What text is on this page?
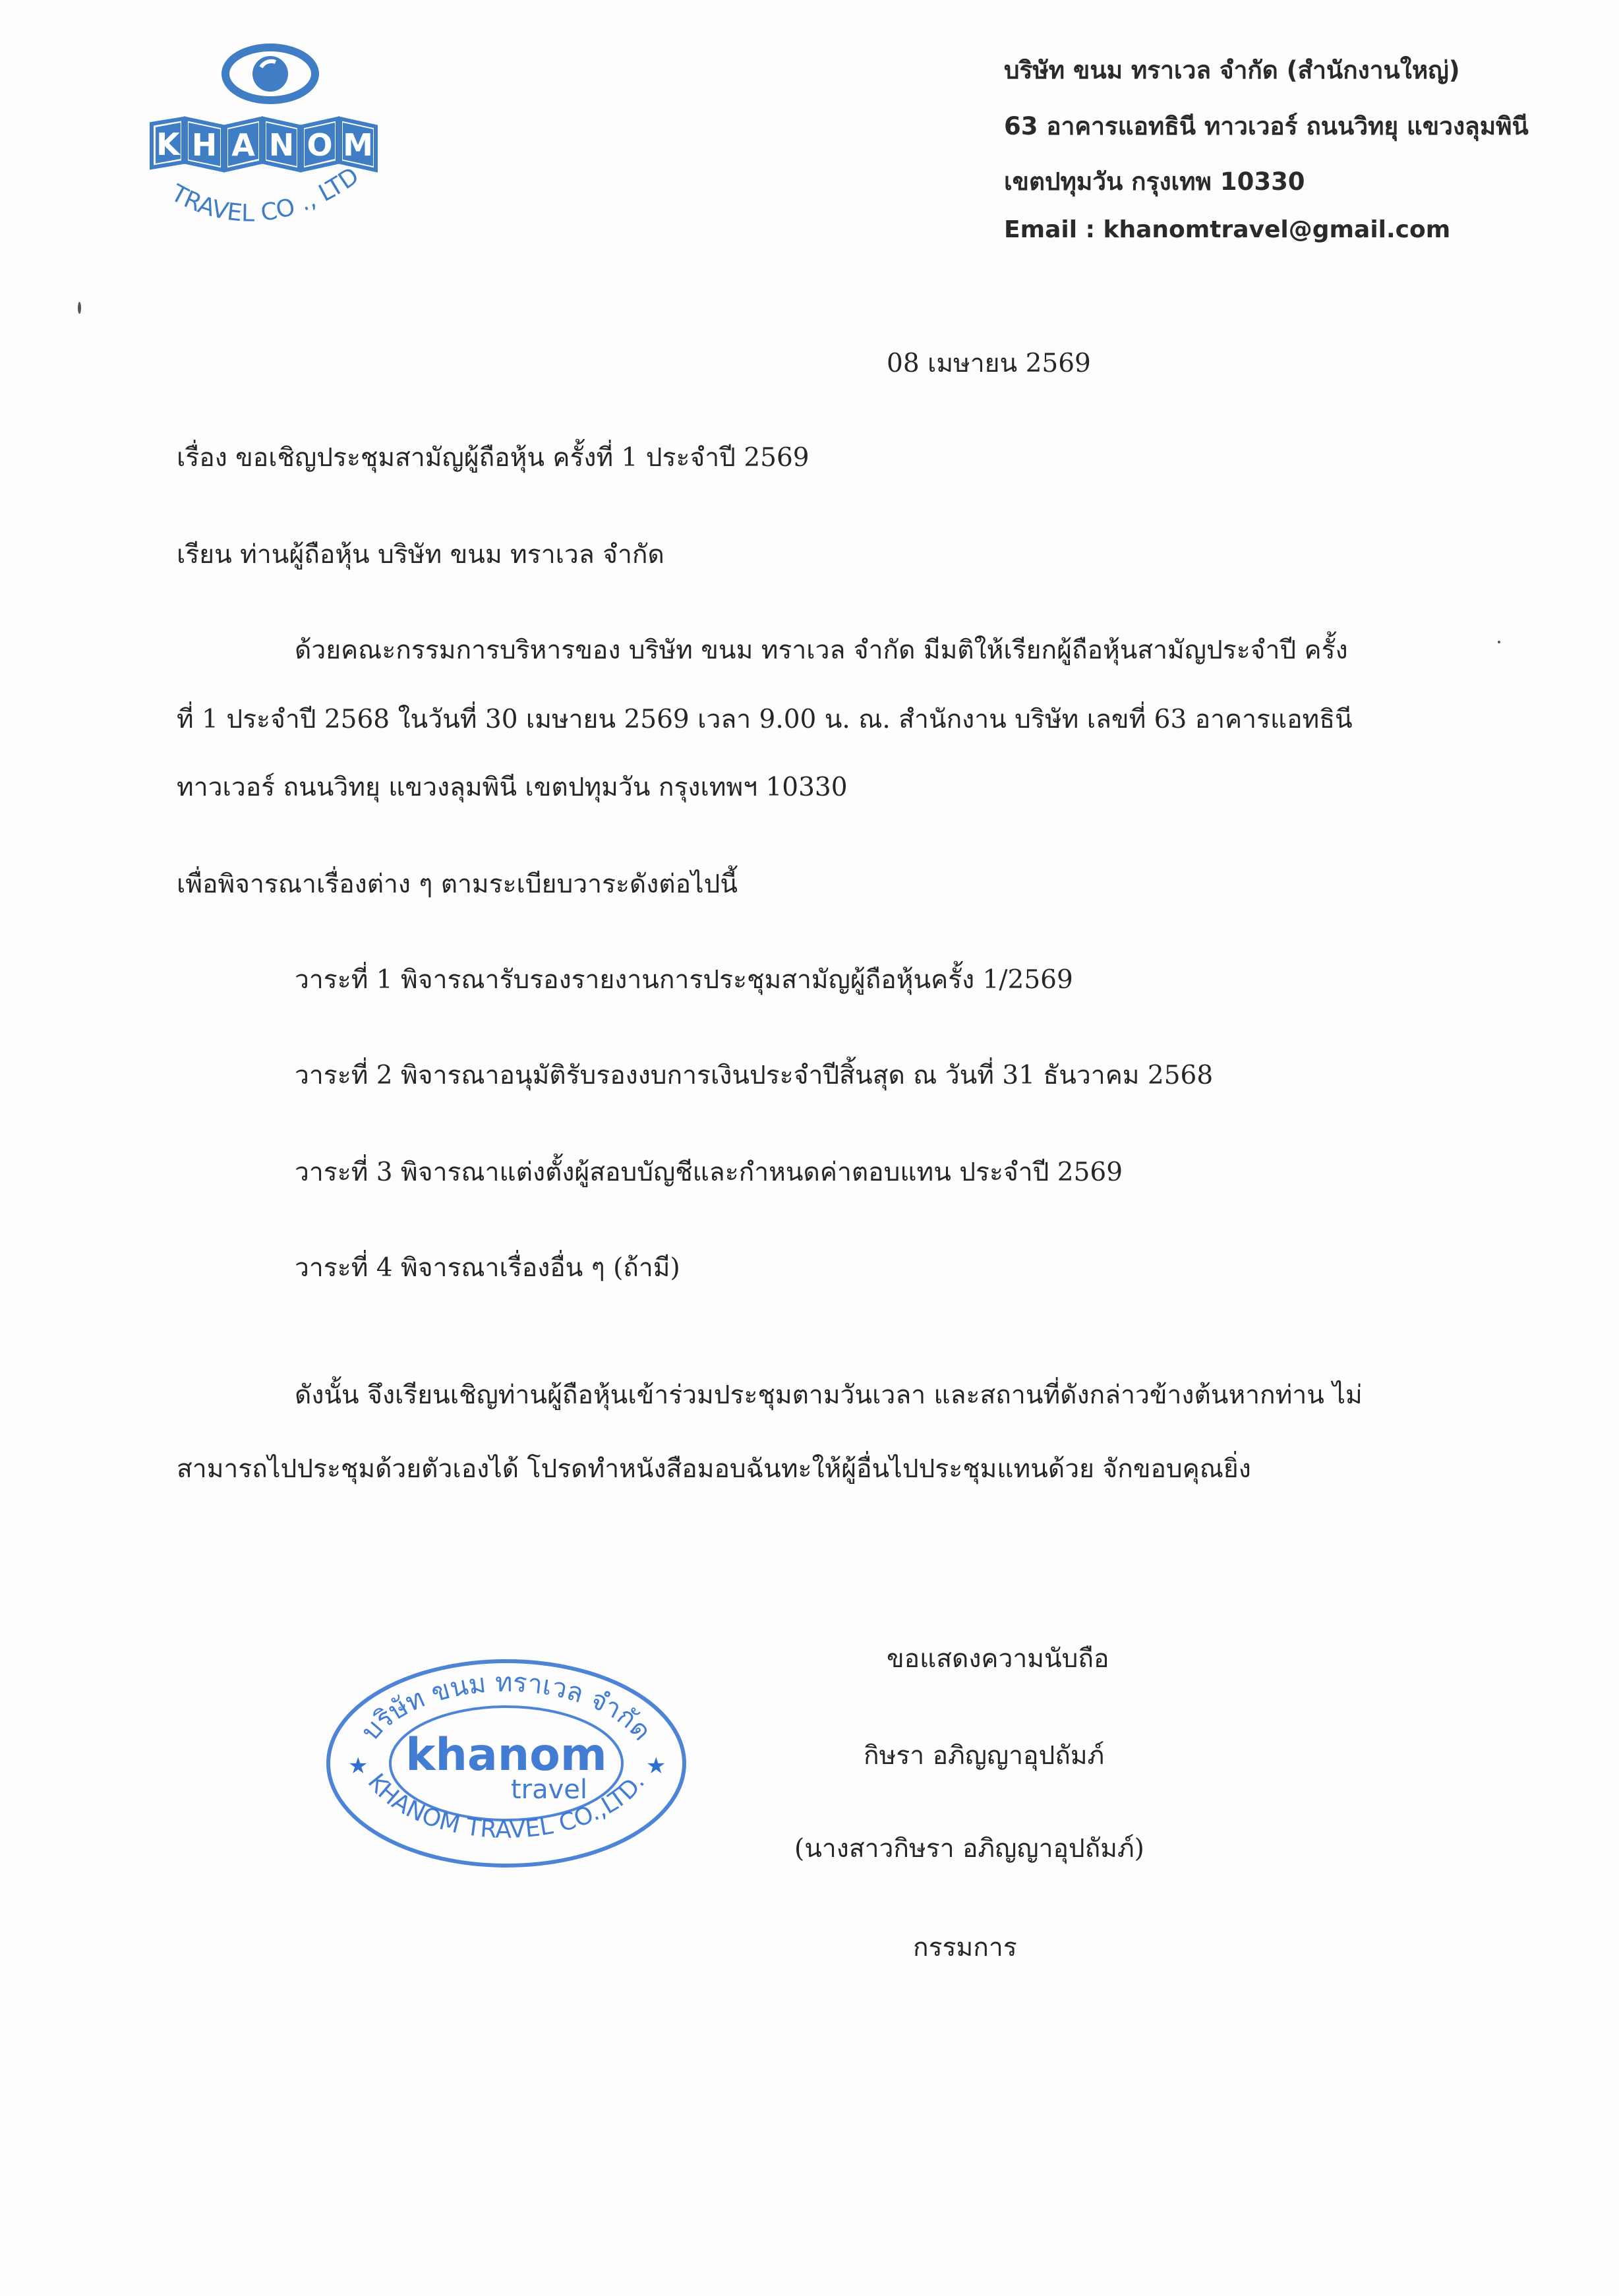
K H A N O M
TRAVEL CO ., LTD
บริษัท ขนม ทราเวล จำกัด (สำนักงานใหญ่)
63 อาคารแอทธินี ทาวเวอร์ ถนนวิทยุ แขวงลุมพินี
เขตปทุมวัน กรุงเทพ 10330
Email : khanomtravel@gmail.com
08 เมษายน 2569
เรื่อง ขอเชิญประชุมสามัญผู้ถือหุ้น ครั้งที่ 1 ประจำปี 2569
เรียน ท่านผู้ถือหุ้น บริษัท ขนม ทราเวล จำกัด
ด้วยคณะกรรมการบริหารของ บริษัท ขนม ทราเวล จำกัด มีมติให้เรียกผู้ถือหุ้นสามัญประจำปี ครั้ง
ที่ 1 ประจำปี 2568 ในวันที่ 30 เมษายน 2569 เวลา 9.00 น. ณ. สำนักงาน บริษัท เลขที่ 63 อาคารแอทธินี
ทาวเวอร์ ถนนวิทยุ แขวงลุมพินี เขตปทุมวัน กรุงเทพฯ 10330
เพื่อพิจารณาเรื่องต่าง ๆ ตามระเบียบวาระดังต่อไปนี้
วาระที่ 1 พิจารณารับรองรายงานการประชุมสามัญผู้ถือหุ้นครั้ง 1/2569
วาระที่ 2 พิจารณาอนุมัติรับรองงบการเงินประจำปีสิ้นสุด ณ วันที่ 31 ธันวาคม 2568
วาระที่ 3 พิจารณาแต่งตั้งผู้สอบบัญชีและกำหนดค่าตอบแทน ประจำปี 2569
วาระที่ 4 พิจารณาเรื่องอื่น ๆ (ถ้ามี)
ดังนั้น จึงเรียนเชิญท่านผู้ถือหุ้นเข้าร่วมประชุมตามวันเวลา และสถานที่ดังกล่าวข้างต้นหากท่าน ไม่
สามารถไปประชุมด้วยตัวเองได้ โปรดทำหนังสือมอบฉันทะให้ผู้อื่นไปประชุมแทนด้วย จักขอบคุณยิ่ง
ขอแสดงความนับถือ
กิษรา อภิญญาอุปถัมภ์
(นางสาวกิษรา อภิญญาอุปถัมภ์)
กรรมการ
บริษัท ขนม ทราเวล จำกัด
KHANOM TRAVEL CO.,LTD.
khanom
travel
★	★
